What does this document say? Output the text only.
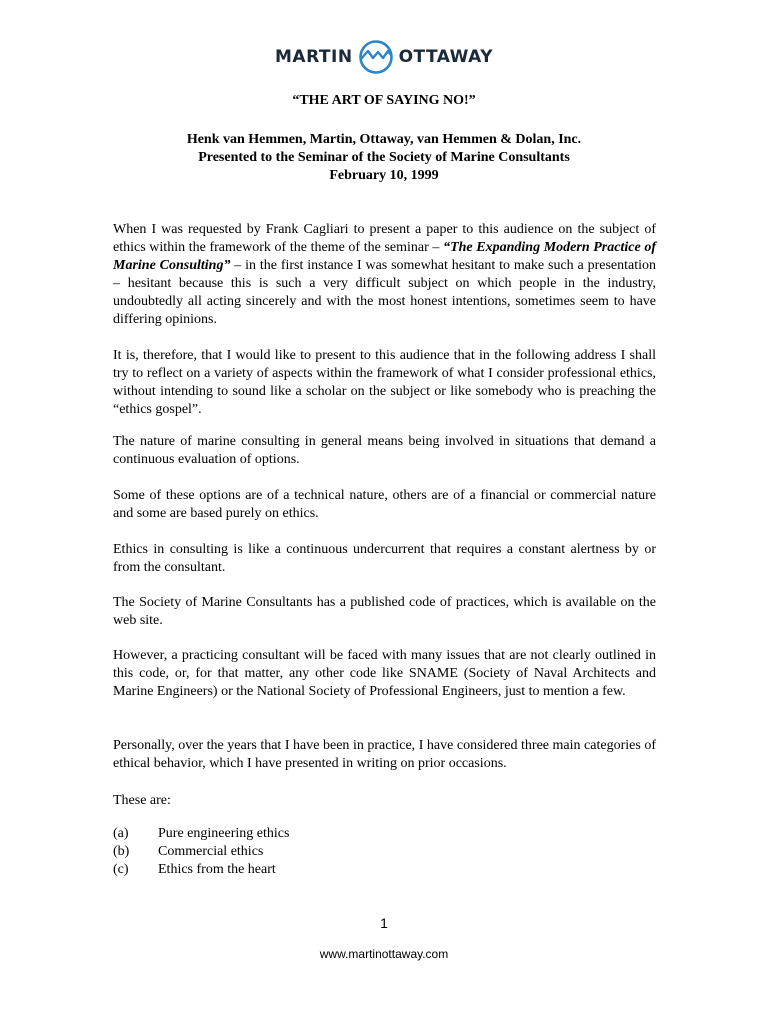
MARTIN	OTTAWAY
“THE ART OF SAYING NO!”
Henk van Hemmen, Martin, Ottaway, van Hemmen & Dolan, Inc.
Presented to the Seminar of the Society of Marine Consultants
February 10, 1999

When I was requested by Frank Cagliari to present a paper to this audience on the subject of ethics within the framework of the theme of the seminar – “The Expanding Modern Practice of Marine Consulting” – in the first instance I was somewhat hesitant to make such a presentation – hesitant because this is such a very difficult subject on which people in the industry, undoubtedly all acting sincerely and with the most honest intentions, sometimes seem to have differing opinions.

It is, therefore, that I would like to present to this audience that in the following address I shall try to reflect on a variety of aspects within the framework of what I consider professional ethics, without intending to sound like a scholar on the subject or like somebody who is preaching the “ethics gospel”.

The nature of marine consulting in general means being involved in situations that demand a continuous evaluation of options.

Some of these options are of a technical nature, others are of a financial or commercial nature and some are based purely on ethics.

Ethics in consulting is like a continuous undercurrent that requires a constant alertness by or from the consultant.

The Society of Marine Consultants has a published code of practices, which is available on the web site.

However, a practicing consultant will be faced with many issues that are not clearly outlined in this code, or, for that matter, any other code like SNAME (Society of Naval Architects and Marine Engineers) or the National Society of Professional Engineers, just to mention a few.

Personally, over the years that I have been in practice, I have considered three main categories of ethical behavior, which I have presented in writing on prior occasions.

These are:

(a)	Pure engineering ethics
(b)	Commercial ethics
(c)	Ethics from the heart
1
www.martinottaway.com
